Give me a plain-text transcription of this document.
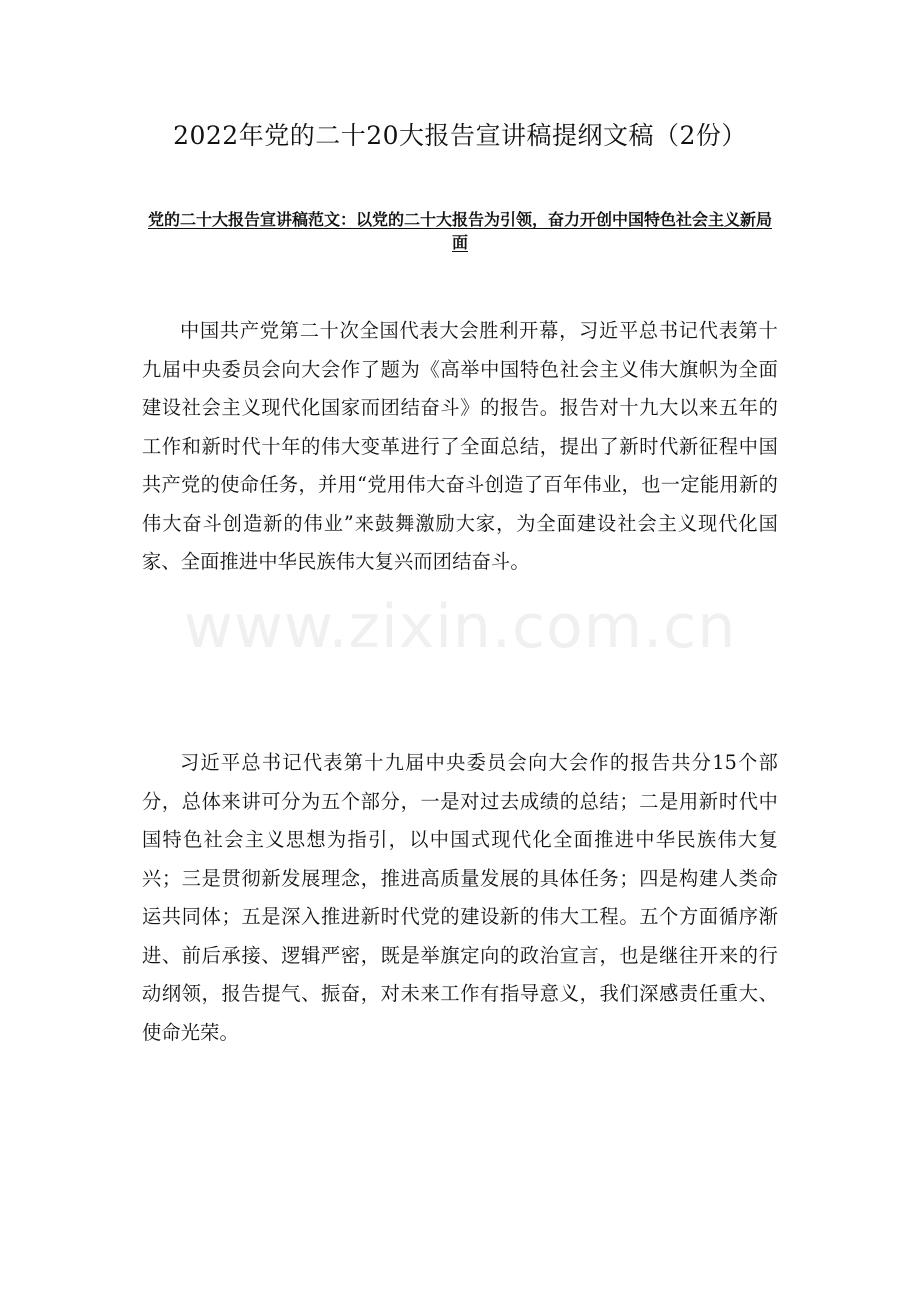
2022年党的二十20大报告宣讲稿提纲文稿（2份）
党的二十大报告宣讲稿范文：以党的二十大报告为引领，奋力开创中国特色社会主义新局面

中国共产党第二十次全国代表大会胜利开幕，习近平总书记代表第十九届中央委员会向大会作了题为《高举中国特色社会主义伟大旗帜为全面建设社会主义现代化国家而团结奋斗》的报告。报告对十九大以来五年的工作和新时代十年的伟大变革进行了全面总结，提出了新时代新征程中国共产党的使命任务，并用“党用伟大奋斗创造了百年伟业，也一定能用新的伟大奋斗创造新的伟业”来鼓舞激励大家，为全面建设社会主义现代化国家、全面推进中华民族伟大复兴而团结奋斗。

习近平总书记代表第十九届中央委员会向大会作的报告共分15个部分，总体来讲可分为五个部分，一是对过去成绩的总结；二是用新时代中国特色社会主义思想为指引，以中国式现代化全面推进中华民族伟大复兴；三是贯彻新发展理念，推进高质量发展的具体任务；四是构建人类命运共同体；五是深入推进新时代党的建设新的伟大工程。五个方面循序渐进、前后承接、逻辑严密，既是举旗定向的政治宣言，也是继往开来的行动纲领，报告提气、振奋，对未来工作有指导意义，我们深感责任重大、使命光荣。

www.zixin.com.cn
